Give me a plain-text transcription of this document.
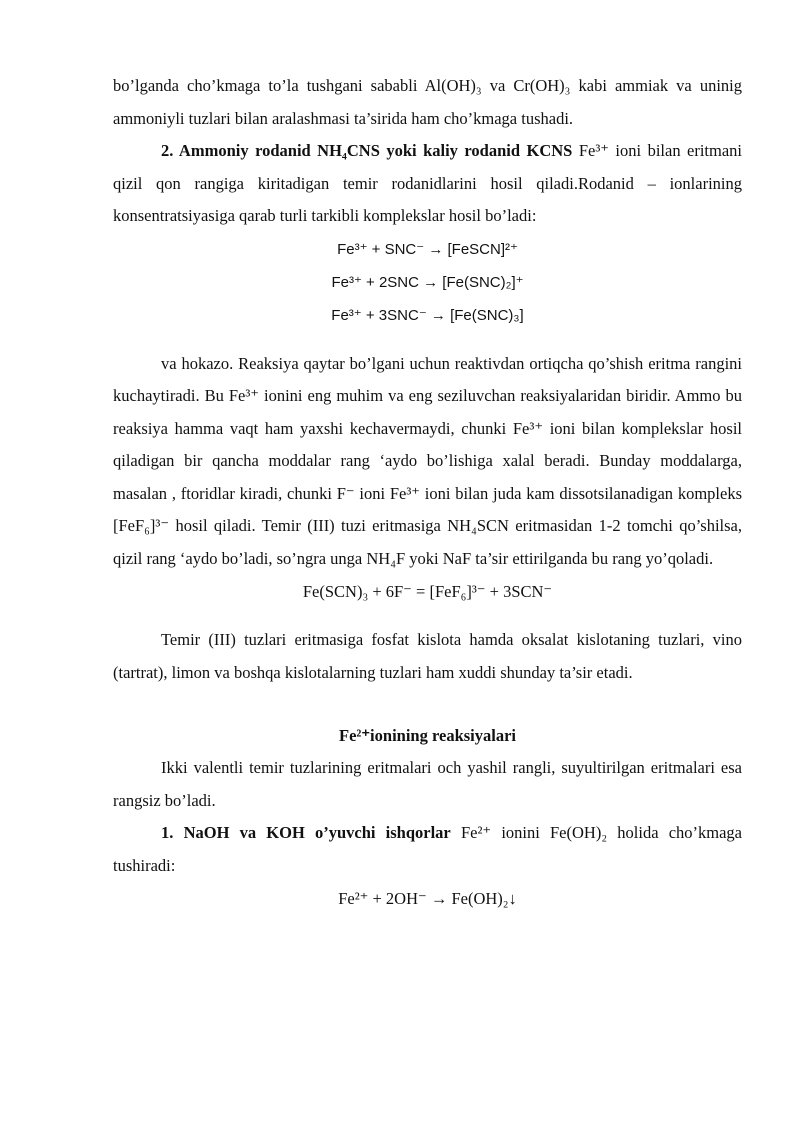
bo’lganda cho’kmaga to’la tushgani sababli Al(OH)₃ va Cr(OH)₃ kabi ammiak va uninig ammoniyli tuzlari bilan aralashmasi ta’sirida ham cho’kmaga tushadi.

2. Ammoniy rodanid NH₄CNS yoki kaliy rodanid KCNS Fe³⁺ ioni bilan eritmani qizil qon rangiga kiritadigan temir rodanidlarini hosil qiladi.Rodanid – ionlarining konsentratsiyasiga qarab turli tarkibli komplekslar hosil bo’ladi:

Fe³⁺ + SNC⁻ → [FeSCN]²⁺

Fe³⁺ + 2SNC → [Fe(SNC)₂]⁺

Fe³⁺ + 3SNC⁻ → [Fe(SNC)₃]

va hokazo. Reaksiya qaytar bo’lgani uchun reaktivdan ortiqcha qo’shish eritma rangini kuchaytiradi. Bu Fe³⁺ ionini eng muhim va eng seziluvchan reaksiyalaridan biridir. Ammo bu reaksiya hamma vaqt ham yaxshi kechavermaydi, chunki Fe³⁺ ioni bilan komplekslar hosil qiladigan bir qancha moddalar rang ‘aydo bo’lishiga xalal beradi. Bunday moddalarga, masalan , ftoridlar kiradi, chunki F⁻ ioni Fe³⁺ ioni bilan juda kam dissotsilanadigan kompleks [FeF₆]³⁻ hosil qiladi. Temir (III) tuzi eritmasiga NH₄SCN eritmasidan 1-2 tomchi qo’shilsa, qizil rang ‘aydo bo’ladi, so’ngra unga NH₄F yoki NaF ta’sir ettirilganda bu rang yo’qoladi.

Fe(SCN)₃ + 6F⁻ = [FeF₆]³⁻ + 3SCN⁻

Temir (III) tuzlari eritmasiga fosfat kislota hamda oksalat kislotaning tuzlari, vino (tartrat), limon va boshqa kislotalarning tuzlari ham xuddi shunday ta’sir etadi.

Fe²⁺ionining reaksiyalari

Ikki valentli temir tuzlarining eritmalari och yashil rangli, suyultirilgan eritmalari esa rangsiz bo’ladi.

1. NaOH va KOH o’yuvchi ishqorlar Fe²⁺ ionini Fe(OH)₂ holida cho’kmaga tushiradi:

Fe²⁺ + 2OH⁻ → Fe(OH)₂↓
